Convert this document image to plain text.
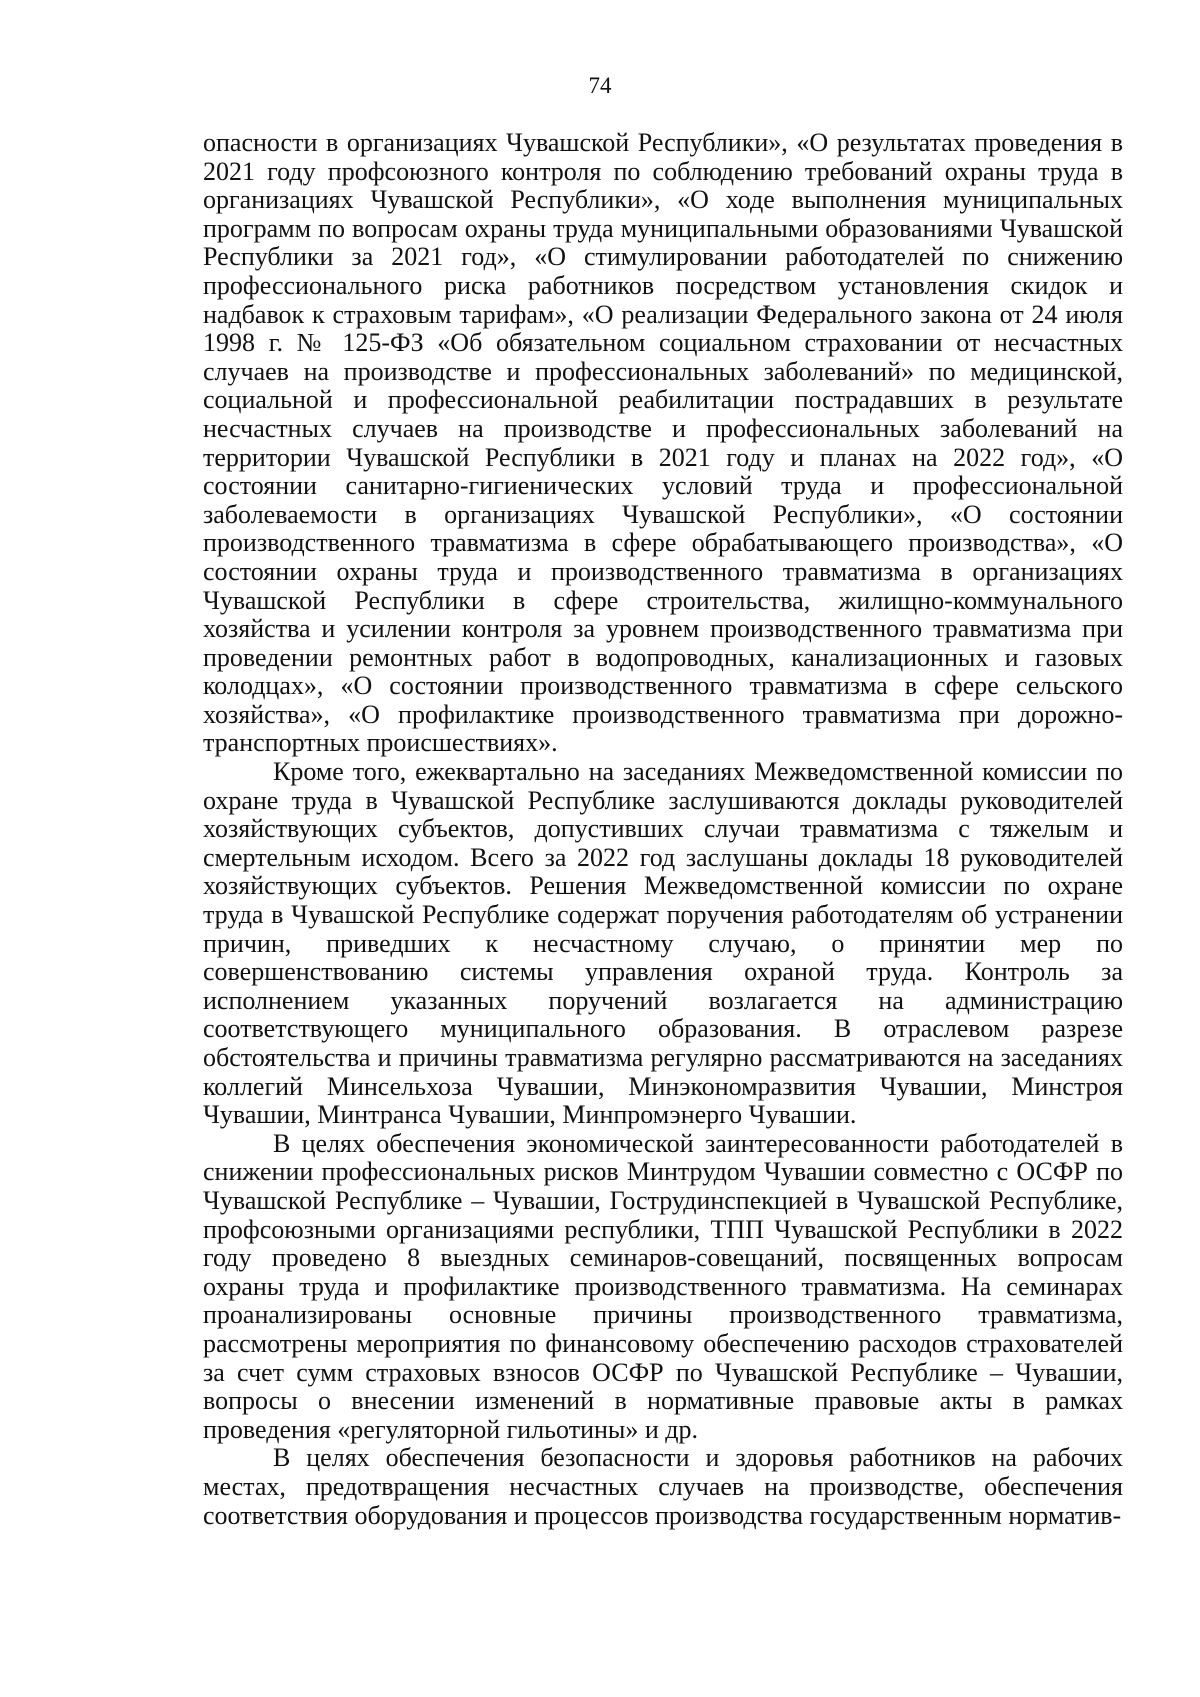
74

опасности в организациях Чувашской Республики», «О результатах проведения в 2021 году профсоюзного контроля по соблюдению требований охраны труда в организациях Чувашской Республики», «О ходе выполнения муниципальных программ по вопросам охраны труда муниципальными образованиями Чувашской Республики за 2021 год», «О стимулировании работодателей по снижению профессионального риска работников посредством установления скидок и надбавок к страховым тарифам», «О реализации Федерального закона от 24 июля 1998 г. № 125-ФЗ «Об обязательном социальном страховании от несчастных случаев на производстве и профессиональных заболеваний» по медицинской, социальной и профессиональной реабилитации пострадавших в результате несчастных случаев на производстве и профессиональных заболеваний на территории Чувашской Республики в 2021 году и планах на 2022 год», «О состоянии санитарно-гигиенических условий труда и профессиональной заболеваемости в организациях Чувашской Республики», «О состоянии производственного травматизма в сфере обрабатывающего производства», «О состоянии охраны труда и производственного травматизма в организациях Чувашской Республики в сфере строительства, жилищно-коммунального хозяйства и усилении контроля за уровнем производственного травматизма при проведении ремонтных работ в водопроводных, канализационных и газовых колодцах», «О состоянии производственного травматизма в сфере сельского хозяйства», «О профилактике производственного травматизма при дорожно-транспортных происшествиях».

Кроме того, ежеквартально на заседаниях Межведомственной комиссии по охране труда в Чувашской Республике заслушиваются доклады руководителей хозяйствующих субъектов, допустивших случаи травматизма с тяжелым и смертельным исходом. Всего за 2022 год заслушаны доклады 18 руководителей хозяйствующих субъектов. Решения Межведомственной комиссии по охране труда в Чувашской Республике содержат поручения работодателям об устранении причин, приведших к несчастному случаю, о принятии мер по совершенствованию системы управления охраной труда. Контроль за исполнением указанных поручений возлагается на администрацию соответствующего муниципального образования. В отраслевом разрезе обстоятельства и причины травматизма регулярно рассматриваются на заседаниях коллегий Минсельхоза Чувашии, Минэкономразвития Чувашии, Минстроя Чувашии, Минтранса Чувашии, Минпромэнерго Чувашии.

В целях обеспечения экономической заинтересованности работодателей в снижении профессиональных рисков Минтрудом Чувашии совместно с ОСФР по Чувашской Республике – Чувашии, Гострудинспекцией в Чувашской Республике, профсоюзными организациями республики, ТПП Чувашской Республики в 2022 году проведено 8 выездных семинаров-совещаний, посвященных вопросам охраны труда и профилактике производственного травматизма. На семинарах проанализированы основные причины производственного травматизма, рассмотрены мероприятия по финансовому обеспечению расходов страхователей за счет сумм страховых взносов ОСФР по Чувашской Республике – Чувашии, вопросы о внесении изменений в нормативные правовые акты в рамках проведения «регуляторной гильотины» и др.

В целях обеспечения безопасности и здоровья работников на рабочих местах, предотвращения несчастных случаев на производстве, обеспечения соответствия оборудования и процессов производства государственным норматив-
